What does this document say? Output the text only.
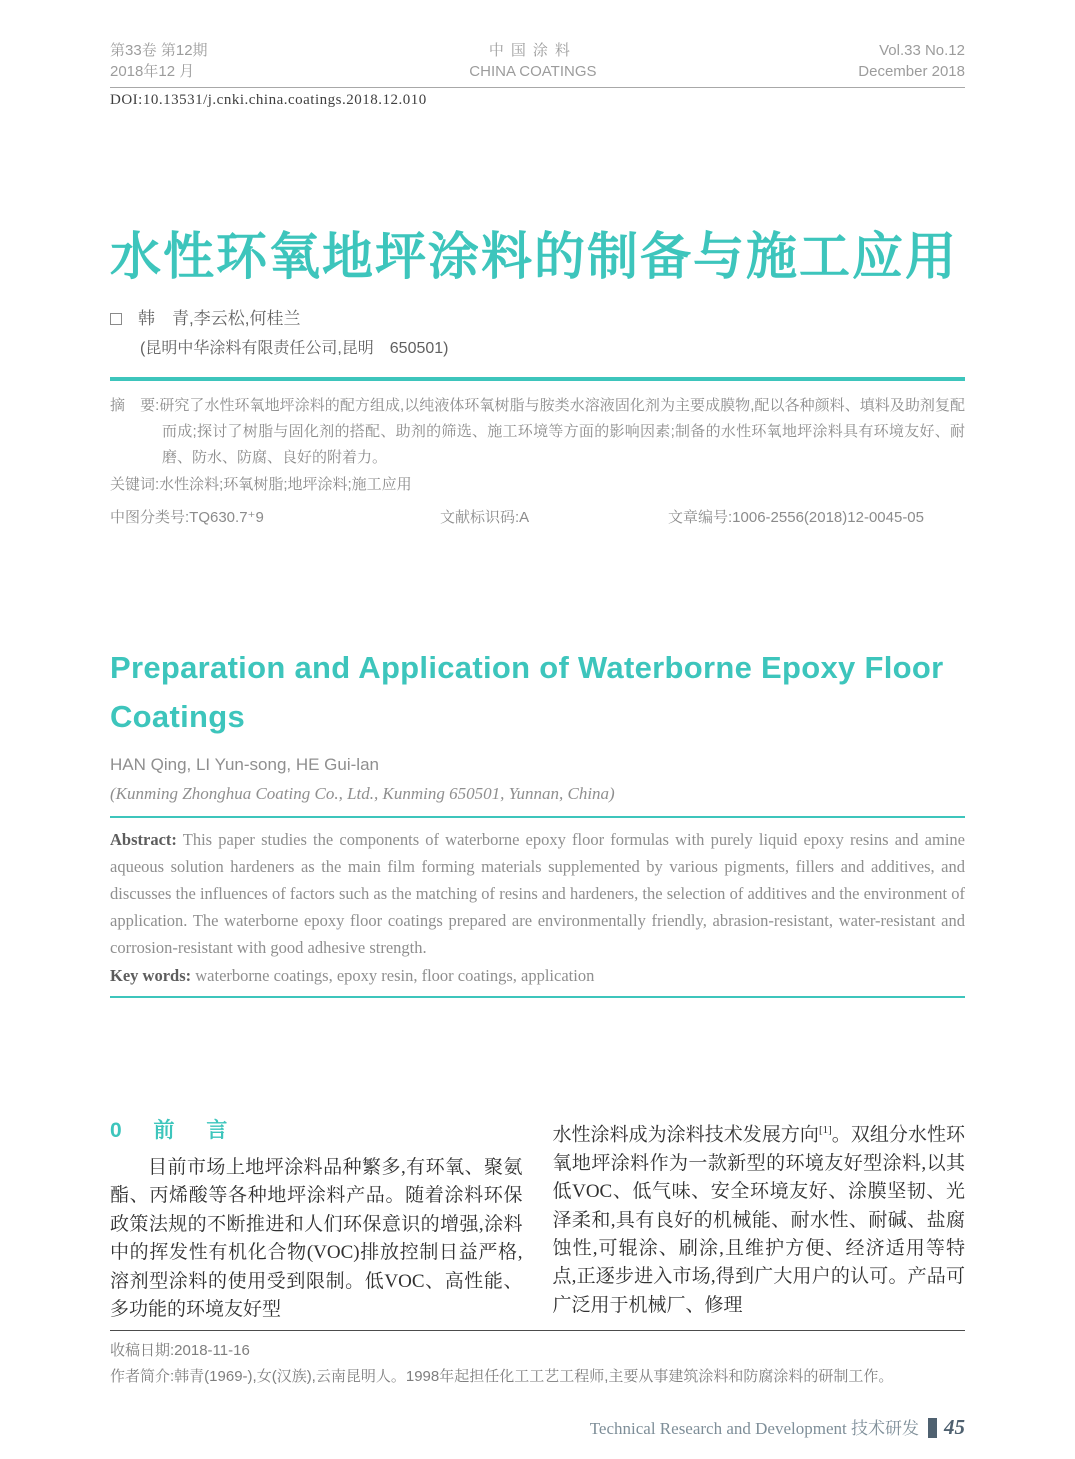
第33卷 第12期
2018年12 月
中国涂料
CHINA COATINGS
Vol.33 No.12
December 2018
DOI:10.13531/j.cnki.china.coatings.2018.12.010
水性环氧地坪涂料的制备与施工应用
韩　青,李云松,何桂兰
(昆明中华涂料有限责任公司,昆明　650501)

摘　要:研究了水性环氧地坪涂料的配方组成,以纯液体环氧树脂与胺类水溶液固化剂为主要成膜物,配以各种颜料、填料及助剂复配而成;探讨了树脂与固化剂的搭配、助剂的筛选、施工环境等方面的影响因素;制备的水性环氧地坪涂料具有环境友好、耐磨、防水、防腐、良好的附着力。

关键词:水性涂料;环氧树脂;地坪涂料;施工应用

中图分类号:TQ630.7⁺9	文献标识码:A	文章编号:1006-2556(2018)12-0045-05
Preparation and Application of Waterborne Epoxy Floor Coatings
HAN Qing, LI Yun-song, HE Gui-lan
(Kunming Zhonghua Coating Co., Ltd., Kunming 650501, Yunnan, China)

Abstract: This paper studies the components of waterborne epoxy floor formulas with purely liquid epoxy resins and amine aqueous solution hardeners as the main film forming materials supplemented by various pigments, fillers and additives, and discusses the influences of factors such as the matching of resins and hardeners, the selection of additives and the environment of application. The waterborne epoxy floor coatings prepared are environmentally friendly, abrasion-resistant, water-resistant and corrosion-resistant with good adhesive strength.

Key words: waterborne coatings, epoxy resin, floor coatings, application

0 前 言

目前市场上地坪涂料品种繁多,有环氧、聚氨酯、丙烯酸等各种地坪涂料产品。随着涂料环保政策法规的不断推进和人们环保意识的增强,涂料中的挥发性有机化合物(VOC)排放控制日益严格,溶剂型涂料的使用受到限制。低VOC、高性能、多功能的环境友好型

水性涂料成为涂料技术发展方向[1]。双组分水性环氧地坪涂料作为一款新型的环境友好型涂料,以其低VOC、低气味、安全环境友好、涂膜坚韧、光泽柔和,具有良好的机械能、耐水性、耐碱、盐腐蚀性,可辊涂、刷涂,且维护方便、经济适用等特点,正逐步进入市场,得到广大用户的认可。产品可广泛用于机械厂、修理

收稿日期:2018-11-16
作者简介:韩青(1969-),女(汉族),云南昆明人。1998年起担任化工工艺工程师,主要从事建筑涂料和防腐涂料的研制工作。
Technical Research and Development 技术研发 45
